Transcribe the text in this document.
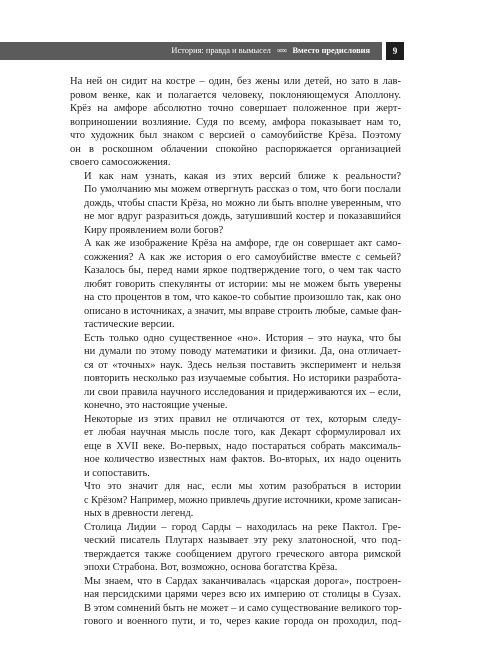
История: правда и вымысел ∞∞ Вместо предисловия	9

На ней он сидит на костре – один, без жены или детей, но зато в лав-
ровом венке, как и полагается человеку, поклоняющемуся Аполлону.
Крёз на амфоре абсолютно точно совершает положенное при жерт-
воприношении возлияние. Судя по всему, амфора показывает нам то,
что художник был знаком с версией о самоубийстве Крёза. Поэтому
он в роскошном облачении спокойно распоряжается организацией
своего самосожжения.

И как нам узнать, какая из этих версий ближе к реальности?
По умолчанию мы можем отвергнуть рассказ о том, что боги послали
дождь, чтобы спасти Крёза, но можно ли быть вполне уверенным, что
не мог вдруг разразиться дождь, затушивший костер и показавшийся
Киру проявлением воли богов?

А как же изображение Крёза на амфоре, где он совершает акт само-
сожжения? А как же история о его самоубийстве вместе с семьей?
Казалось бы, перед нами яркое подтверждение того, о чем так часто
любят говорить спекулянты от истории: мы не можем быть уверены
на сто процентов в том, что какое-то событие произошло так, как оно
описано в источниках, а значит, мы вправе строить любые, самые фан-
тастические версии.

Есть только одно существенное «но». История – это наука, что бы
ни думали по этому поводу математики и физики. Да, она отличает-
ся от «точных» наук. Здесь нельзя поставить эксперимент и нельзя
повторить несколько раз изучаемые события. Но историки разработа-
ли свои правила научного исследования и придерживаются их – если,
конечно, это настоящие ученые.

Некоторые из этих правил не отличаются от тех, которым следу-
ет любая научная мысль после того, как Декарт сформулировал их
еще в XVII веке. Во-первых, надо постараться собрать максималь-
ное количество известных нам фактов. Во-вторых, их надо оценить
и сопоставить.

Что это значит для нас, если мы хотим разобраться в истории
с Крёзом? Например, можно привлечь другие источники, кроме записан-
ных в древности легенд.

Столица Лидии – город Сарды – находилась на реке Пактол. Гре-
ческий писатель Плутарх называет эту реку златоносной, что под-
тверждается также сообщением другого греческого автора римской
эпохи Страбона. Вот, возможно, основа богатства Крёза.

Мы знаем, что в Сардах заканчивалась «царская дорога», построен-
ная персидскими царями через всю их империю от столицы в Сузах.
В этом сомнений быть не может – и само существование великого тор-
гового и военного пути, и то, через какие города он проходил, под-
